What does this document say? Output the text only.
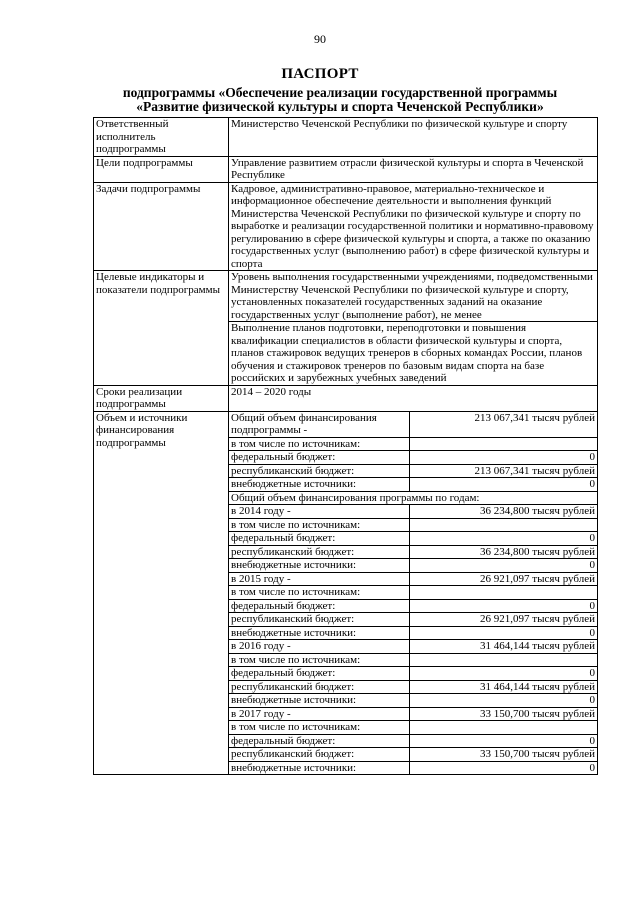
90
ПАСПОРТ
подпрограммы «Обеспечение реализации государственной программы
«Развитие физической культуры и спорта Чеченской Республики»
Ответственный исполнитель подпрограммы	Министерство Чеченской Республики по физической культуре и спорту
Цели подпрограммы	Управление развитием отрасли физической культуры и спорта в Чеченской Республике
Задачи подпрограммы	Кадровое, административно-правовое, материально-техническое и информационное обеспечение деятельности и выполнения функций Министерства Чеченской Республики по физической культуре и спорту по выработке и реализации государственной политики и нормативно-правовому регулированию в сфере физической культуры и спорта, а также по оказанию государственных услуг (выполнению работ) в сфере физической культуры и спорта
Целевые индикаторы и показатели подпрограммы	Уровень выполнения государственными учреждениями, подведомственными Министерству Чеченской Республики по физической культуре и спорту, установленных показателей государственных заданий на оказание государственных услуг (выполнение работ), не менее
Выполнение планов подготовки, переподготовки и повышения квалификации специалистов в области физической культуры и спорта, планов стажировок ведущих тренеров в сборных командах России, планов обучения и стажировок тренеров по базовым видам спорта на базе российских и зарубежных учебных заведений
Сроки реализации подпрограммы	2014 – 2020 годы
Объем и источники финансирования подпрограммы	
Общий объем финансирования подпрограммы -	213 067,341 тысяч рублей
в том числе по источникам:	
федеральный бюджет:	0
республиканский бюджет:	213 067,341 тысяч рублей
внебюджетные источники:	0
Общий объем финансирования программы по годам:
в 2014 году -	36 234,800 тысяч рублей
в том числе по источникам:	
федеральный бюджет:	0
республиканский бюджет:	36 234,800 тысяч рублей
внебюджетные источники:	0
в 2015 году -	26 921,097 тысяч рублей
в том числе по источникам:	
федеральный бюджет:	0
республиканский бюджет:	26 921,097 тысяч рублей
внебюджетные источники:	0
в 2016 году -	31 464,144 тысяч рублей
в том числе по источникам:	
федеральный бюджет:	0
республиканский бюджет:	31 464,144 тысяч рублей
внебюджетные источники:	0
в 2017 году -	33 150,700 тысяч рублей
в том числе по источникам:	
федеральный бюджет:	0
республиканский бюджет:	33 150,700 тысяч рублей
внебюджетные источники:	0
